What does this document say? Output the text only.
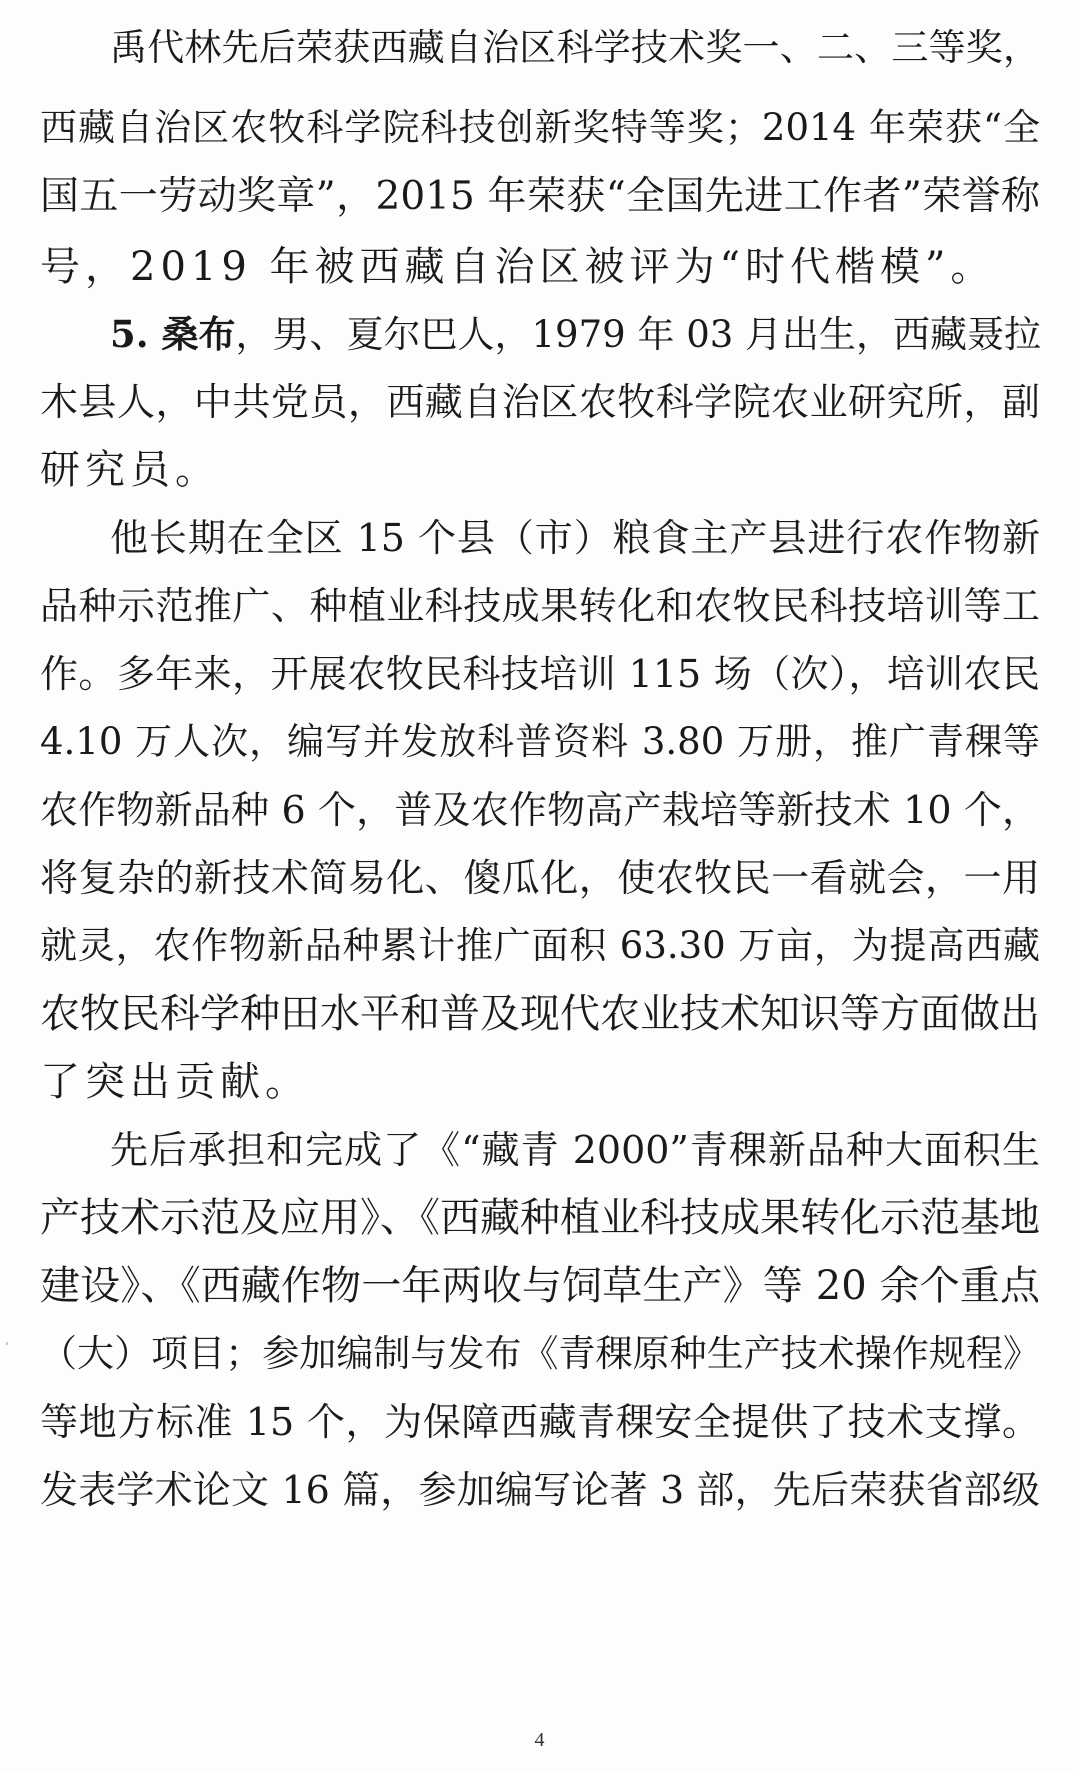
禹代林先后荣获西藏自治区科学技术奖一、二、三等奖，
西藏自治区农牧科学院科技创新奖特等奖；2014 年荣获“全
国五一劳动奖章”，2015 年荣获“全国先进工作者”荣誉称
号，2019 年被西藏自治区被评为“时代楷模”。
5. 桑布，男、夏尔巴人，1979 年 03 月出生，西藏聂拉
木县人，中共党员，西藏自治区农牧科学院农业研究所，副
研究员。
他长期在全区 15 个县（市）粮食主产县进行农作物新
品种示范推广、种植业科技成果转化和农牧民科技培训等工
作。多年来，开展农牧民科技培训 115 场（次），培训农民
4.10 万人次，编写并发放科普资料 3.80 万册，推广青稞等
农作物新品种 6 个，普及农作物高产栽培等新技术 10 个，
将复杂的新技术简易化、傻瓜化，使农牧民一看就会，一用
就灵，农作物新品种累计推广面积 63.30 万亩，为提高西藏
农牧民科学种田水平和普及现代农业技术知识等方面做出
了突出贡献。
先后承担和完成了《“藏青 2000”青稞新品种大面积生
产技术示范及应用》、《西藏种植业科技成果转化示范基地
建设》、《西藏作物一年两收与饲草生产》等 20 余个重点
（大）项目；参加编制与发布《青稞原种生产技术操作规程》
等地方标准 15 个，为保障西藏青稞安全提供了技术支撑。
发表学术论文 16 篇，参加编写论著 3 部，先后荣获省部级
4
